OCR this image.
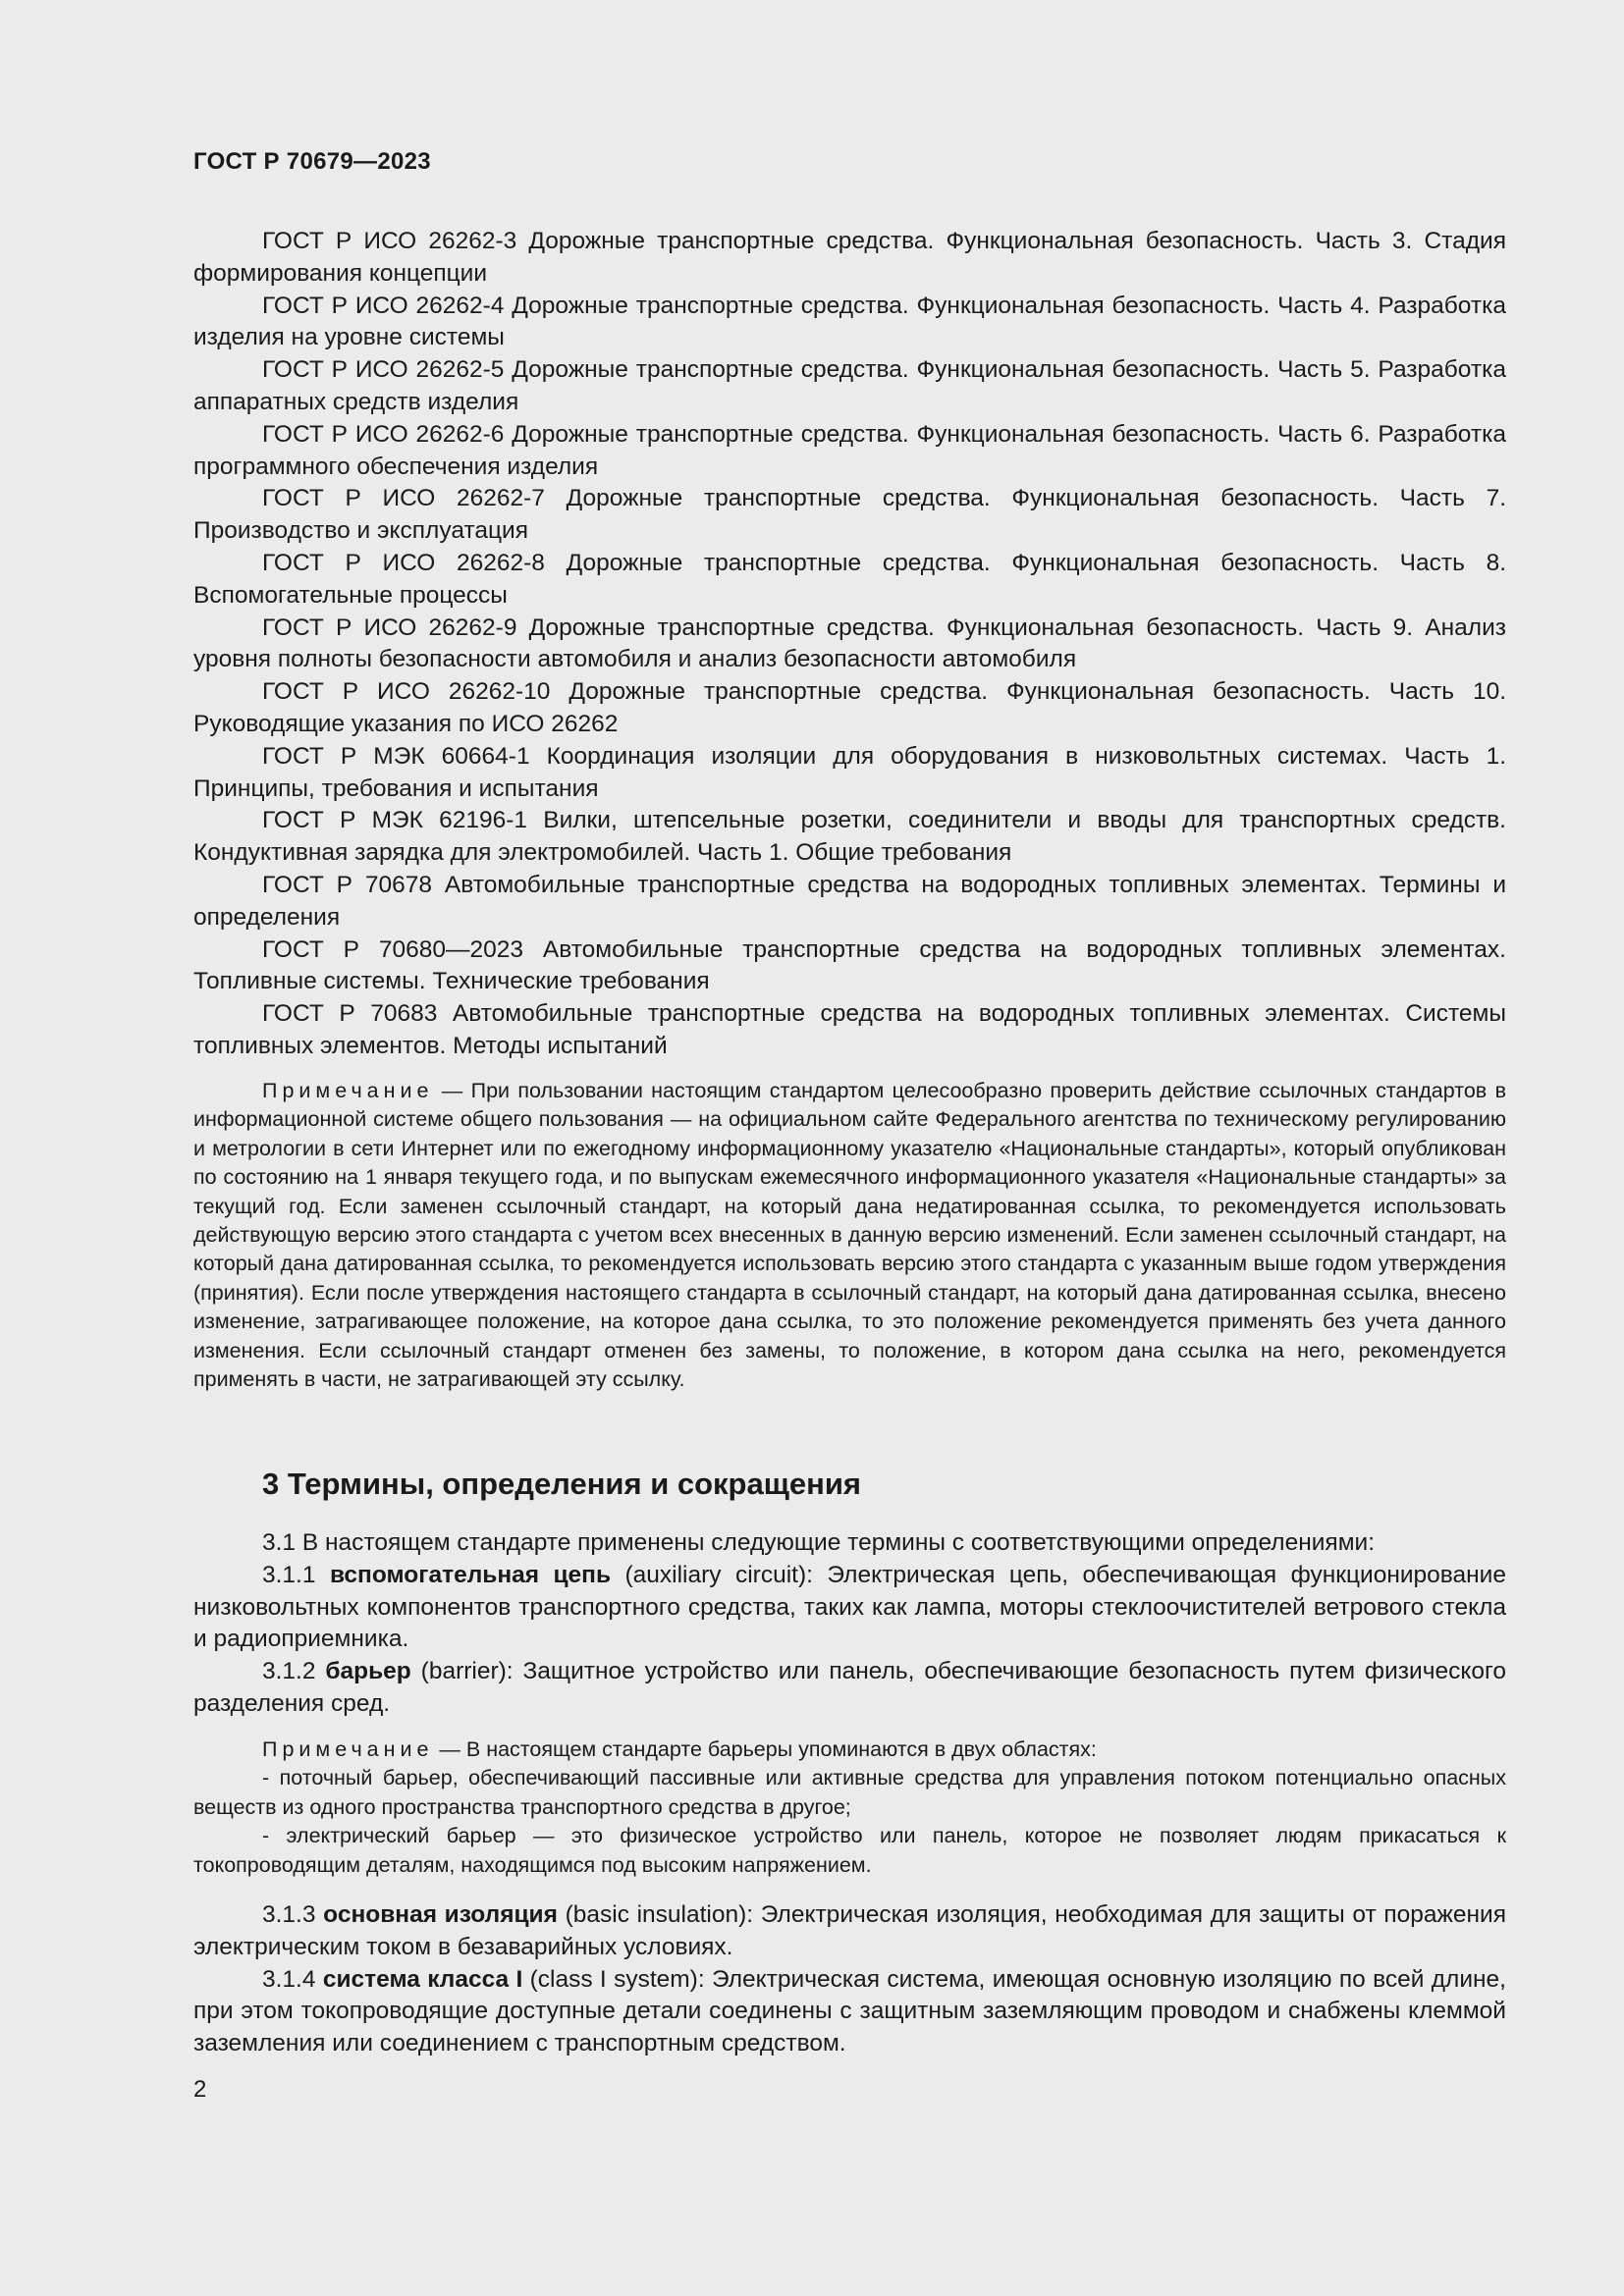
ГОСТ Р 70679—2023

ГОСТ Р ИСО 26262-3 Дорожные транспортные средства. Функциональная безопасность. Часть 3. Стадия формирования концепции

ГОСТ Р ИСО 26262-4 Дорожные транспортные средства. Функциональная безопасность. Часть 4. Разработка изделия на уровне системы

ГОСТ Р ИСО 26262-5 Дорожные транспортные средства. Функциональная безопасность. Часть 5. Разработка аппаратных средств изделия

ГОСТ Р ИСО 26262-6 Дорожные транспортные средства. Функциональная безопасность. Часть 6. Разработка программного обеспечения изделия

ГОСТ Р ИСО 26262-7 Дорожные транспортные средства. Функциональная безопасность. Часть 7. Производство и эксплуатация

ГОСТ Р ИСО 26262-8 Дорожные транспортные средства. Функциональная безопасность. Часть 8. Вспомогательные процессы

ГОСТ Р ИСО 26262-9 Дорожные транспортные средства. Функциональная безопасность. Часть 9. Анализ уровня полноты безопасности автомобиля и анализ безопасности автомобиля

ГОСТ Р ИСО 26262-10 Дорожные транспортные средства. Функциональная безопасность. Часть 10. Руководящие указания по ИСО 26262

ГОСТ Р МЭК 60664-1 Координация изоляции для оборудования в низковольтных системах. Часть 1. Принципы, требования и испытания

ГОСТ Р МЭК 62196-1 Вилки, штепсельные розетки, соединители и вводы для транспортных средств. Кондуктивная зарядка для электромобилей. Часть 1. Общие требования

ГОСТ Р 70678 Автомобильные транспортные средства на водородных топливных элементах. Термины и определения

ГОСТ Р 70680—2023 Автомобильные транспортные средства на водородных топливных элементах. Топливные системы. Технические требования

ГОСТ Р 70683 Автомобильные транспортные средства на водородных топливных элементах. Системы топливных элементов. Методы испытаний

Примечание — При пользовании настоящим стандартом целесообразно проверить действие ссылочных стандартов в информационной системе общего пользования — на официальном сайте Федерального агентства по техническому регулированию и метрологии в сети Интернет или по ежегодному информационному указателю «Национальные стандарты», который опубликован по состоянию на 1 января текущего года, и по выпускам ежемесячного информационного указателя «Национальные стандарты» за текущий год. Если заменен ссылочный стандарт, на который дана недатированная ссылка, то рекомендуется использовать действующую версию этого стандарта с учетом всех внесенных в данную версию изменений. Если заменен ссылочный стандарт, на который дана датированная ссылка, то рекомендуется использовать версию этого стандарта с указанным выше годом утверждения (принятия). Если после утверждения настоящего стандарта в ссылочный стандарт, на который дана датированная ссылка, внесено изменение, затрагивающее положение, на которое дана ссылка, то это положение рекомендуется применять без учета данного изменения. Если ссылочный стандарт отменен без замены, то положение, в котором дана ссылка на него, рекомендуется применять в части, не затрагивающей эту ссылку.

3 Термины, определения и сокращения

3.1 В настоящем стандарте применены следующие термины с соответствующими определениями:

3.1.1 вспомогательная цепь (auxiliary circuit): Электрическая цепь, обеспечивающая функционирование низковольтных компонентов транспортного средства, таких как лампа, моторы стеклоочистителей ветрового стекла и радиоприемника.

3.1.2 барьер (barrier): Защитное устройство или панель, обеспечивающие безопасность путем физического разделения сред.

Примечание — В настоящем стандарте барьеры упоминаются в двух областях:

- поточный барьер, обеспечивающий пассивные или активные средства для управления потоком потенциально опасных веществ из одного пространства транспортного средства в другое;

- электрический барьер — это физическое устройство или панель, которое не позволяет людям прикасаться к токопроводящим деталям, находящимся под высоким напряжением.

3.1.3 основная изоляция (basic insulation): Электрическая изоляция, необходимая для защиты от поражения электрическим током в безаварийных условиях.

3.1.4 система класса I (class I system): Электрическая система, имеющая основную изоляцию по всей длине, при этом токопроводящие доступные детали соединены с защитным заземляющим проводом и снабжены клеммой заземления или соединением с транспортным средством.

2
